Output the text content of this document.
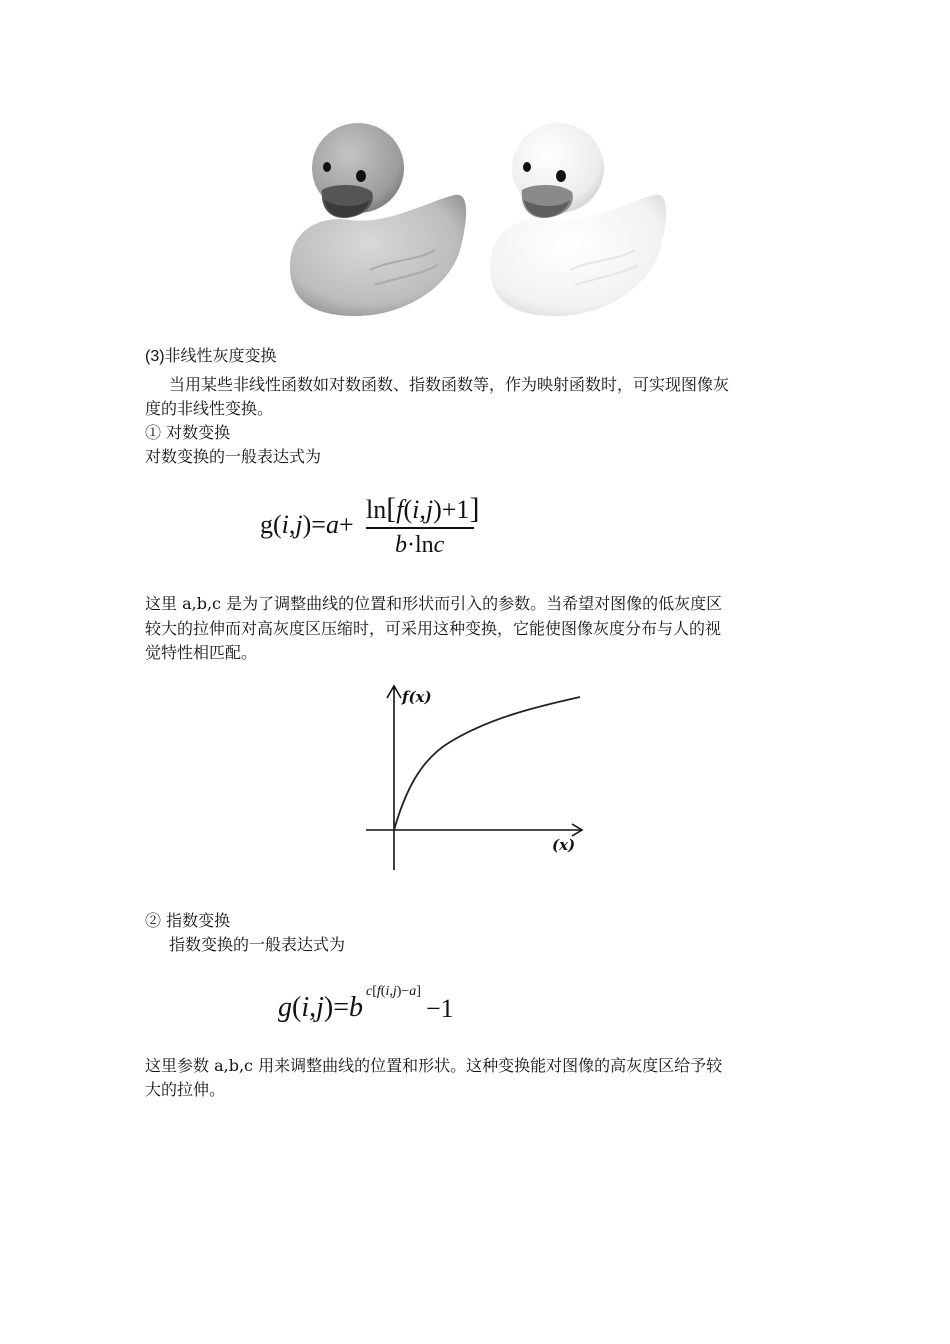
(3)非线性灰度变换
当用某些非线性函数如对数函数、指数函数等，作为映射函数时，可实现图像灰
度的非线性变换。
① 对数变换
对数变换的一般表达式为
g(i,j)=a+
ln[f(i,j)+1]
b·lnc
这里 a,b,c 是为了调整曲线的位置和形状而引入的参数。当希望对图像的低灰度区
较大的拉伸而对高灰度区压缩时，可采用这种变换，它能使图像灰度分布与人的视
觉特性相匹配。
f(x)
(x)
② 指数变换
指数变换的一般表达式为
g(i,j)=b
c[f(i,j)−a]
−1
这里参数 a,b,c 用来调整曲线的位置和形状。这种变换能对图像的高灰度区给予较
大的拉伸。
